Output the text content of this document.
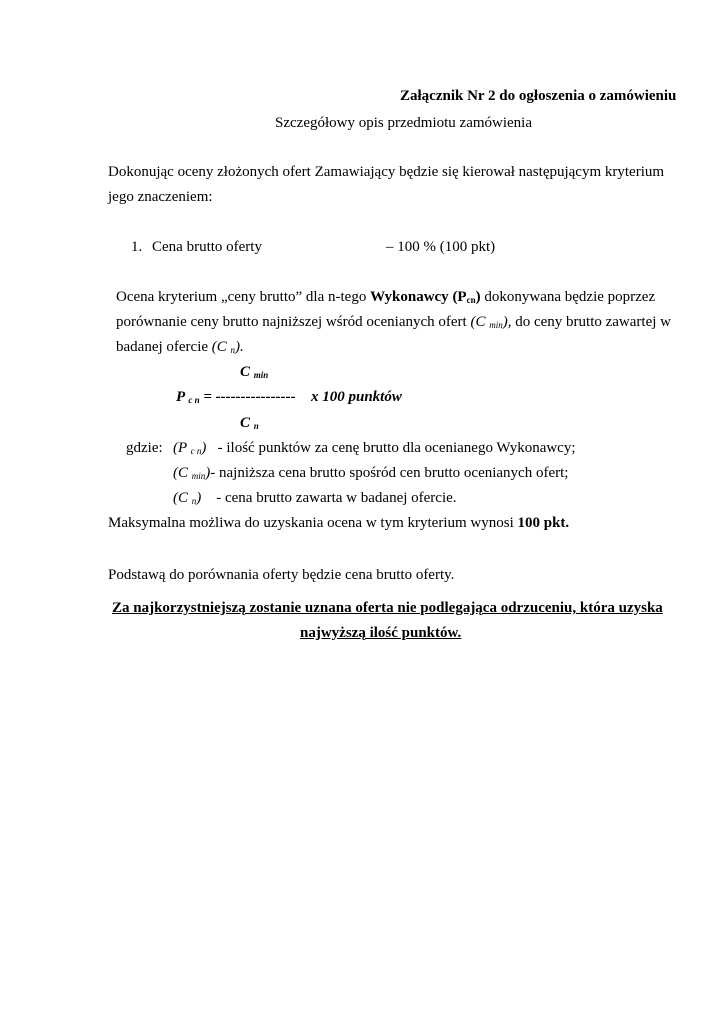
Załącznik Nr 2 do ogłoszenia o zamówieniu
Szczegółowy opis przedmiotu zamówienia
Dokonując oceny złożonych ofert Zamawiający będzie się kierował następującym kryterium
jego znaczeniem:
1. Cena brutto oferty	– 100 % (100 pkt)
Ocena kryterium „ceny brutto” dla n-tego Wykonawcy $(P_{cn})$ dokonywana będzie poprzez
porównanie ceny brutto najniższej wśród ocenianych ofert (C $_{min}$), do ceny brutto zawartej w
badanej ofercie (C $_n$).
C $_{min}$
P $_{c n}$ = ---------------- x 100 punktów
C $_n$
gdzie: (P $_{c n}$)   - ilość punktów za cenę brutto dla ocenianego Wykonawcy;
(C $_{min}$)- najniższa cena brutto spośród cen brutto ocenianych ofert;
(C $_n$)    - cena brutto zawarta w badanej ofercie.
Maksymalna możliwa do uzyskania ocena w tym kryterium wynosi 100 pkt.
Podstawą do porównania oferty będzie cena brutto oferty.
Za najkorzystniejszą zostanie uznana oferta nie podlegająca odrzuceniu, która uzyska
najwyższą ilość punktów.
